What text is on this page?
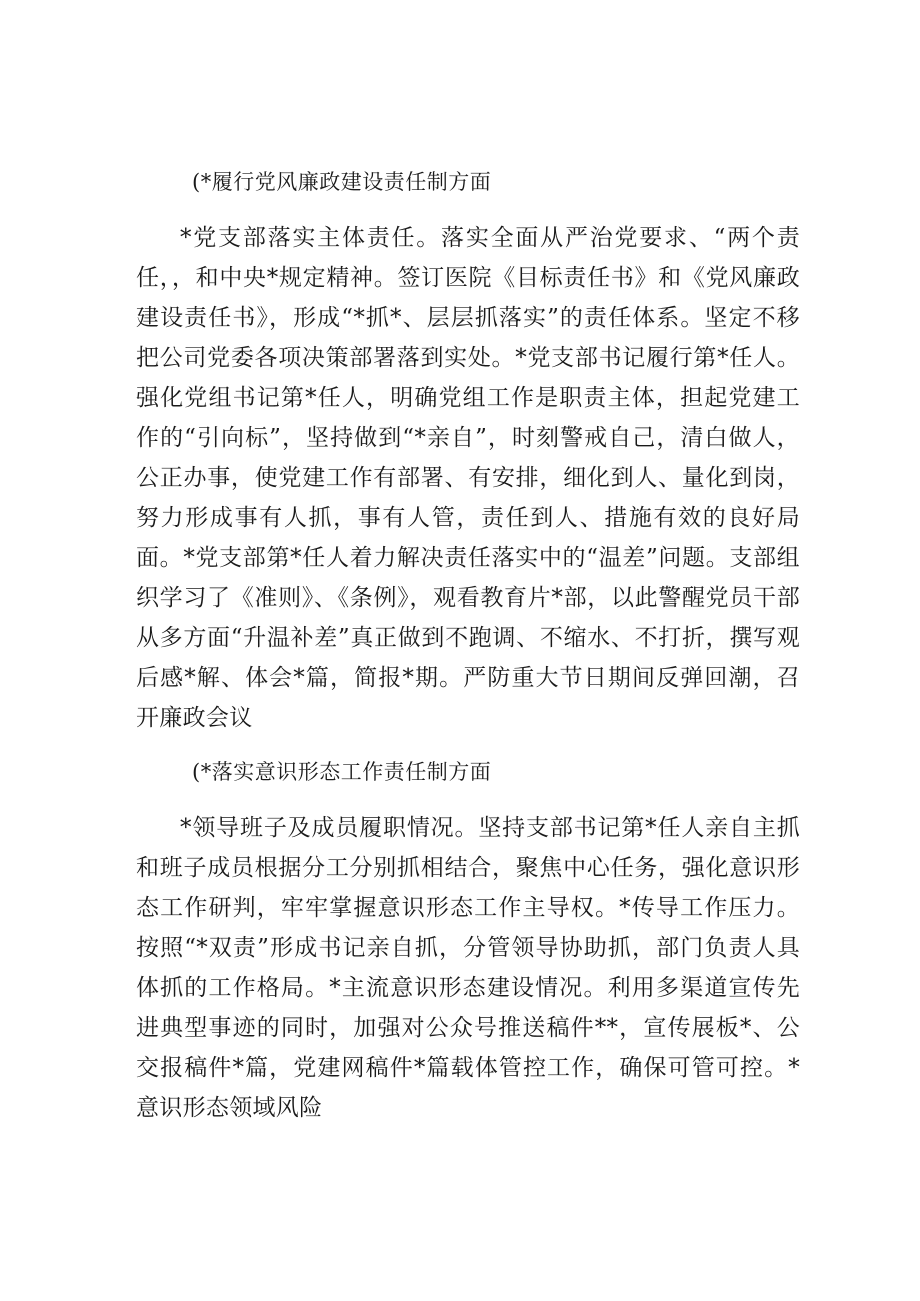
(*履行党风廉政建设责任制方面
*党支部落实主体责任。落实全面从严治党要求、“两个责任，，和中央*规定精神。签订医院《目标责任书》和《党风廉政建设责任书》，形成“*抓*、层层抓落实”的责任体系。坚定不移把公司党委各项决策部署落到实处。*党支部书记履行第*任人。强化党组书记第*任人，明确党组工作是职责主体，担起党建工作的“引向标”，坚持做到“*亲自”，时刻警戒自己，清白做人，公正办事，使党建工作有部署、有安排，细化到人、量化到岗，努力形成事有人抓，事有人管，责任到人、措施有效的良好局面。*党支部第*任人着力解决责任落实中的“温差”问题。支部组织学习了《准则》、《条例》，观看教育片*部，以此警醒党员干部从多方面“升温补差”真正做到不跑调、不缩水、不打折，撰写观后感*解、体会*篇，简报*期。严防重大节日期间反弹回潮，召开廉政会议
(*落实意识形态工作责任制方面
*领导班子及成员履职情况。坚持支部书记第*任人亲自主抓和班子成员根据分工分别抓相结合，聚焦中心任务，强化意识形态工作研判，牢牢掌握意识形态工作主导权。*传导工作压力。按照“*双责”形成书记亲自抓，分管领导协助抓，部门负责人具体抓的工作格局。*主流意识形态建设情况。利用多渠道宣传先进典型事迹的同时，加强对公众号推送稿件**，宣传展板*、公交报稿件*篇，党建网稿件*篇载体管控工作，确保可管可控。*意识形态领域风险
